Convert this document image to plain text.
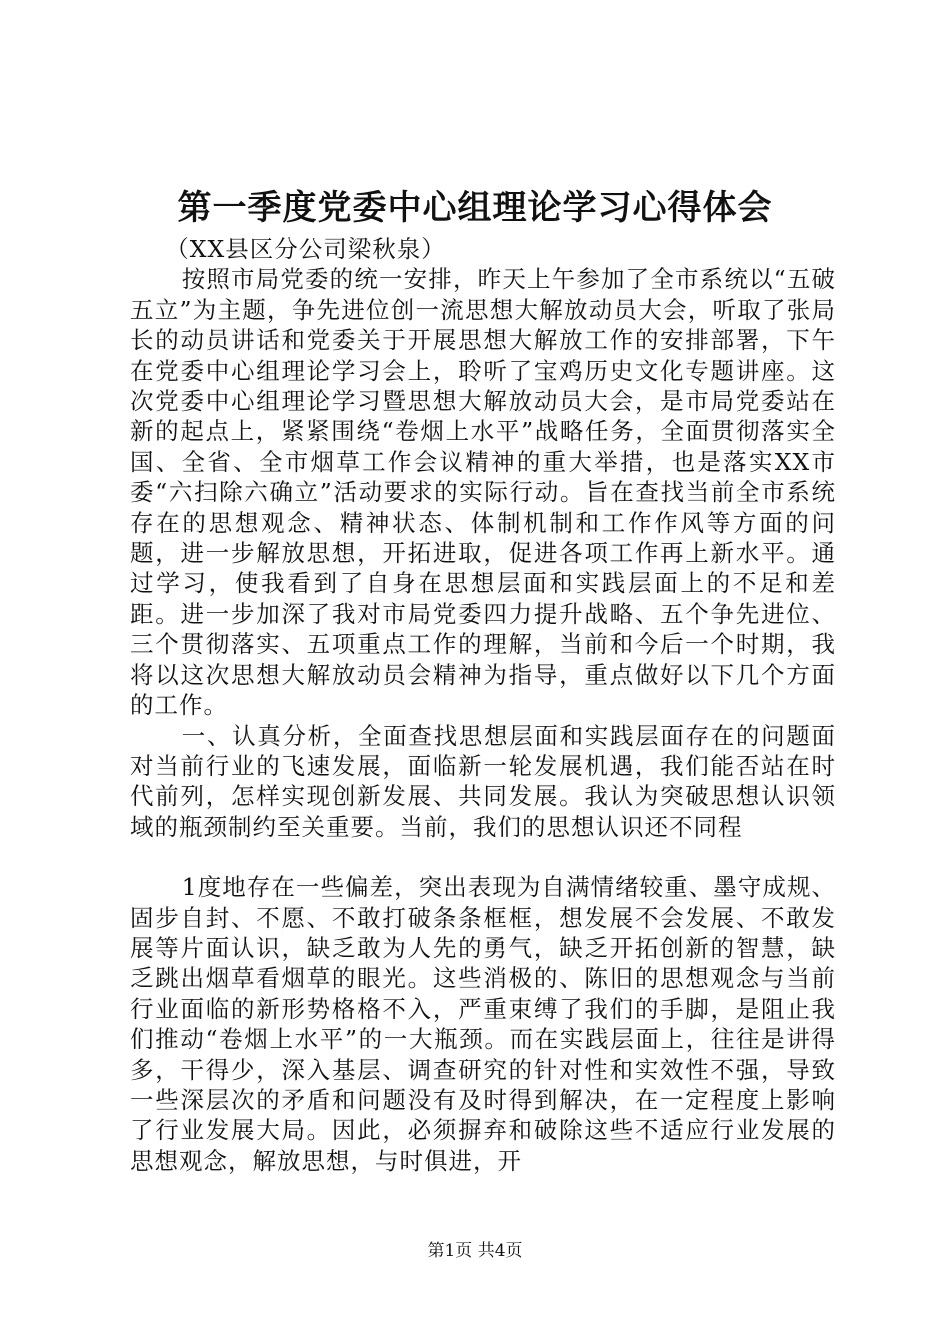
第一季度党委中心组理论学习心得体会

（XX县区分公司梁秋泉）

按照市局党委的统一安排，昨天上午参加了全市系统以“五破五立”为主题，争先进位创一流思想大解放动员大会，听取了张局长的动员讲话和党委关于开展思想大解放工作的安排部署，下午在党委中心组理论学习会上，聆听了宝鸡历史文化专题讲座。这次党委中心组理论学习暨思想大解放动员大会，是市局党委站在新的起点上，紧紧围绕“卷烟上水平”战略任务，全面贯彻落实全国、全省、全市烟草工作会议精神的重大举措，也是落实XX市委“六扫除六确立”活动要求的实际行动。旨在查找当前全市系统存在的思想观念、精神状态、体制机制和工作作风等方面的问题，进一步解放思想，开拓进取，促进各项工作再上新水平。通过学习，使我看到了自身在思想层面和实践层面上的不足和差距。进一步加深了我对市局党委四力提升战略、五个争先进位、三个贯彻落实、五项重点工作的理解，当前和今后一个时期，我将以这次思想大解放动员会精神为指导，重点做好以下几个方面的工作。

一、认真分析，全面查找思想层面和实践层面存在的问题面对当前行业的飞速发展，面临新一轮发展机遇，我们能否站在时代前列，怎样实现创新发展、共同发展。我认为突破思想认识领域的瓶颈制约至关重要。当前，我们的思想认识还不同程

1度地存在一些偏差，突出表现为自满情绪较重、墨守成规、固步自封、不愿、不敢打破条条框框，想发展不会发展、不敢发展等片面认识，缺乏敢为人先的勇气，缺乏开拓创新的智慧，缺乏跳出烟草看烟草的眼光。这些消极的、陈旧的思想观念与当前行业面临的新形势格格不入，严重束缚了我们的手脚，是阻止我们推动“卷烟上水平”的一大瓶颈。而在实践层面上，往往是讲得多，干得少，深入基层、调查研究的针对性和实效性不强，导致一些深层次的矛盾和问题没有及时得到解决，在一定程度上影响了行业发展大局。因此，必须摒弃和破除这些不适应行业发展的思想观念，解放思想，与时俱进，开

第1页 共4页
